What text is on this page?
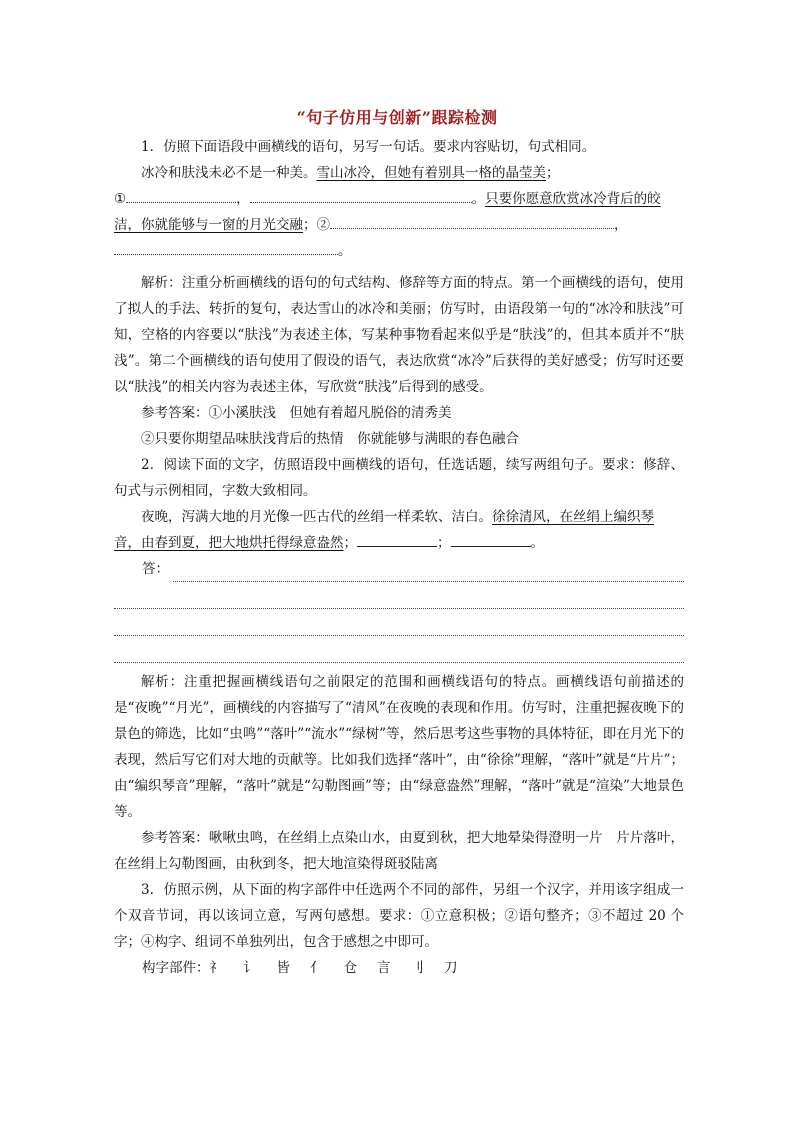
“句子仿用与创新”跟踪检测

1．仿照下面语段中画横线的语句，另写一句话。要求内容贴切，句式相同。

冰冷和肤浅未必不是一种美。雪山冰冷，但她有着别具一格的晶莹美；

①	，	。只要你愿意欣赏冰冷背后的皎

洁，你就能够与一窗的月光交融；②	，

。

解析：注重分析画横线的语句的句式结构、修辞等方面的特点。第一个画横线的语句，使用了拟人的手法、转折的复句，表达雪山的冰冷和美丽；仿写时，由语段第一句的“冰冷和肤浅”可知，空格的内容要以“肤浅”为表述主体，写某种事物看起来似乎是“肤浅”的，但其本质并不“肤浅”。第二个画横线的语句使用了假设的语气，表达欣赏“冰冷”后获得的美好感受；仿写时还要以“肤浅”的相关内容为表述主体，写欣赏“肤浅”后得到的感受。

参考答案：①小溪肤浅　但她有着超凡脱俗的清秀美

②只要你期望品味肤浅背后的热情　你就能够与满眼的春色融合

2．阅读下面的文字，仿照语段中画横线的语句，任选话题，续写两组句子。要求：修辞、句式与示例相同，字数大致相同。

夜晚，泻满大地的月光像一匹古代的丝绢一样柔软、洁白。徐徐清风，在丝绢上编织琴

音，由春到夏，把大地烘托得绿意盎然；	；	。

答：

解析：注重把握画横线语句之前限定的范围和画横线语句的特点。画横线语句前描述的是“夜晚”“月光”，画横线的内容描写了“清风”在夜晚的表现和作用。仿写时，注重把握夜晚下的景色的筛选，比如“虫鸣”“落叶”“流水”“绿树”等，然后思考这些事物的具体特征，即在月光下的表现，然后写它们对大地的贡献等。比如我们选择“落叶”，由“徐徐”理解，“落叶”就是“片片”；由“编织琴音”理解，“落叶”就是“勾勒图画”等；由“绿意盎然”理解，“落叶”就是“渲染”大地景色等。

参考答案：啾啾虫鸣，在丝绢上点染山水，由夏到秋，把大地晕染得澄明一片　片片落叶，在丝绢上勾勒图画，由秋到冬，把大地渲染得斑驳陆离

3．仿照示例，从下面的构字部件中任选两个不同的部件，另组一个汉字，并用该字组成一个双音节词，再以该词立意，写两句感想。要求：①立意积极；②语句整齐；③不超过 20 个字；④构字、组词不单独列出，包含于感想之中即可。

构字部件： 礻 讠 皆 亻 仓 言 刂 刀
